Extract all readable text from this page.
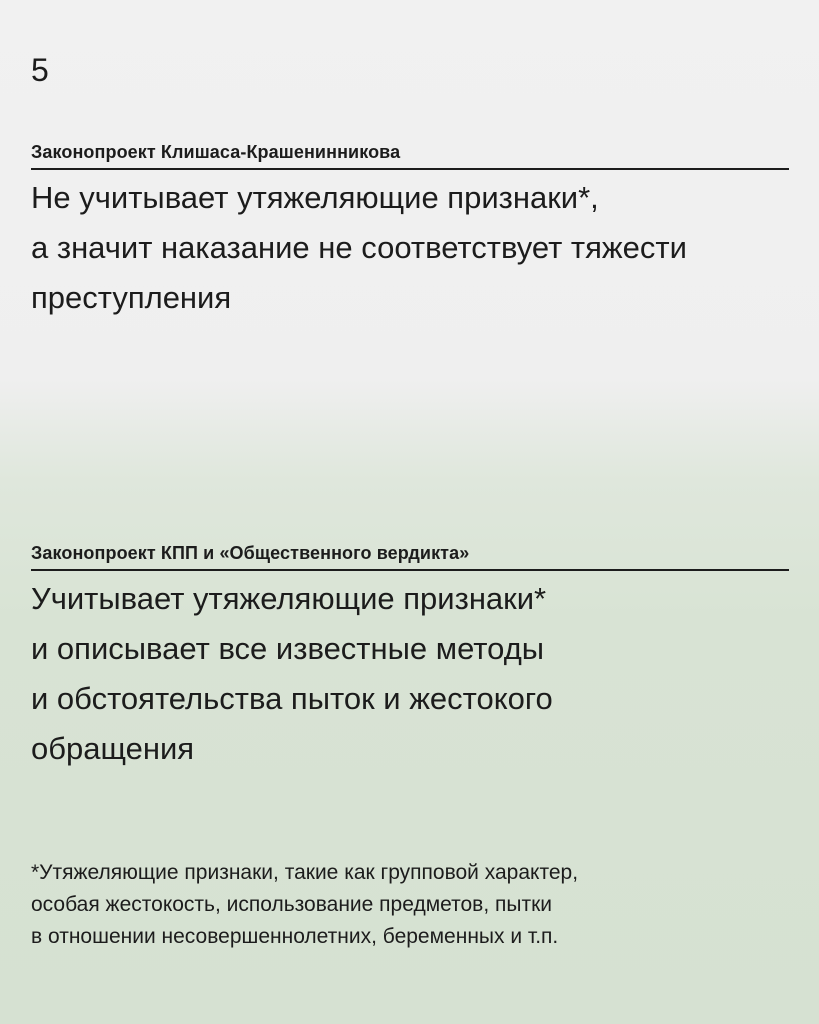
5
Законопроект Клишаса-Крашенинникова
Не учитывает утяжеляющие признаки*,
а значит наказание не соответствует тяжести
преступления
Законопроект КПП и «Общественного вердикта»
Учитывает утяжеляющие признаки*
и описывает все известные методы
и обстоятельства пыток и жестокого
обращения
*Утяжеляющие признаки, такие как групповой характер,
особая жестокость, использование предметов, пытки
в отношении несовершеннолетних, беременных и т.п.
